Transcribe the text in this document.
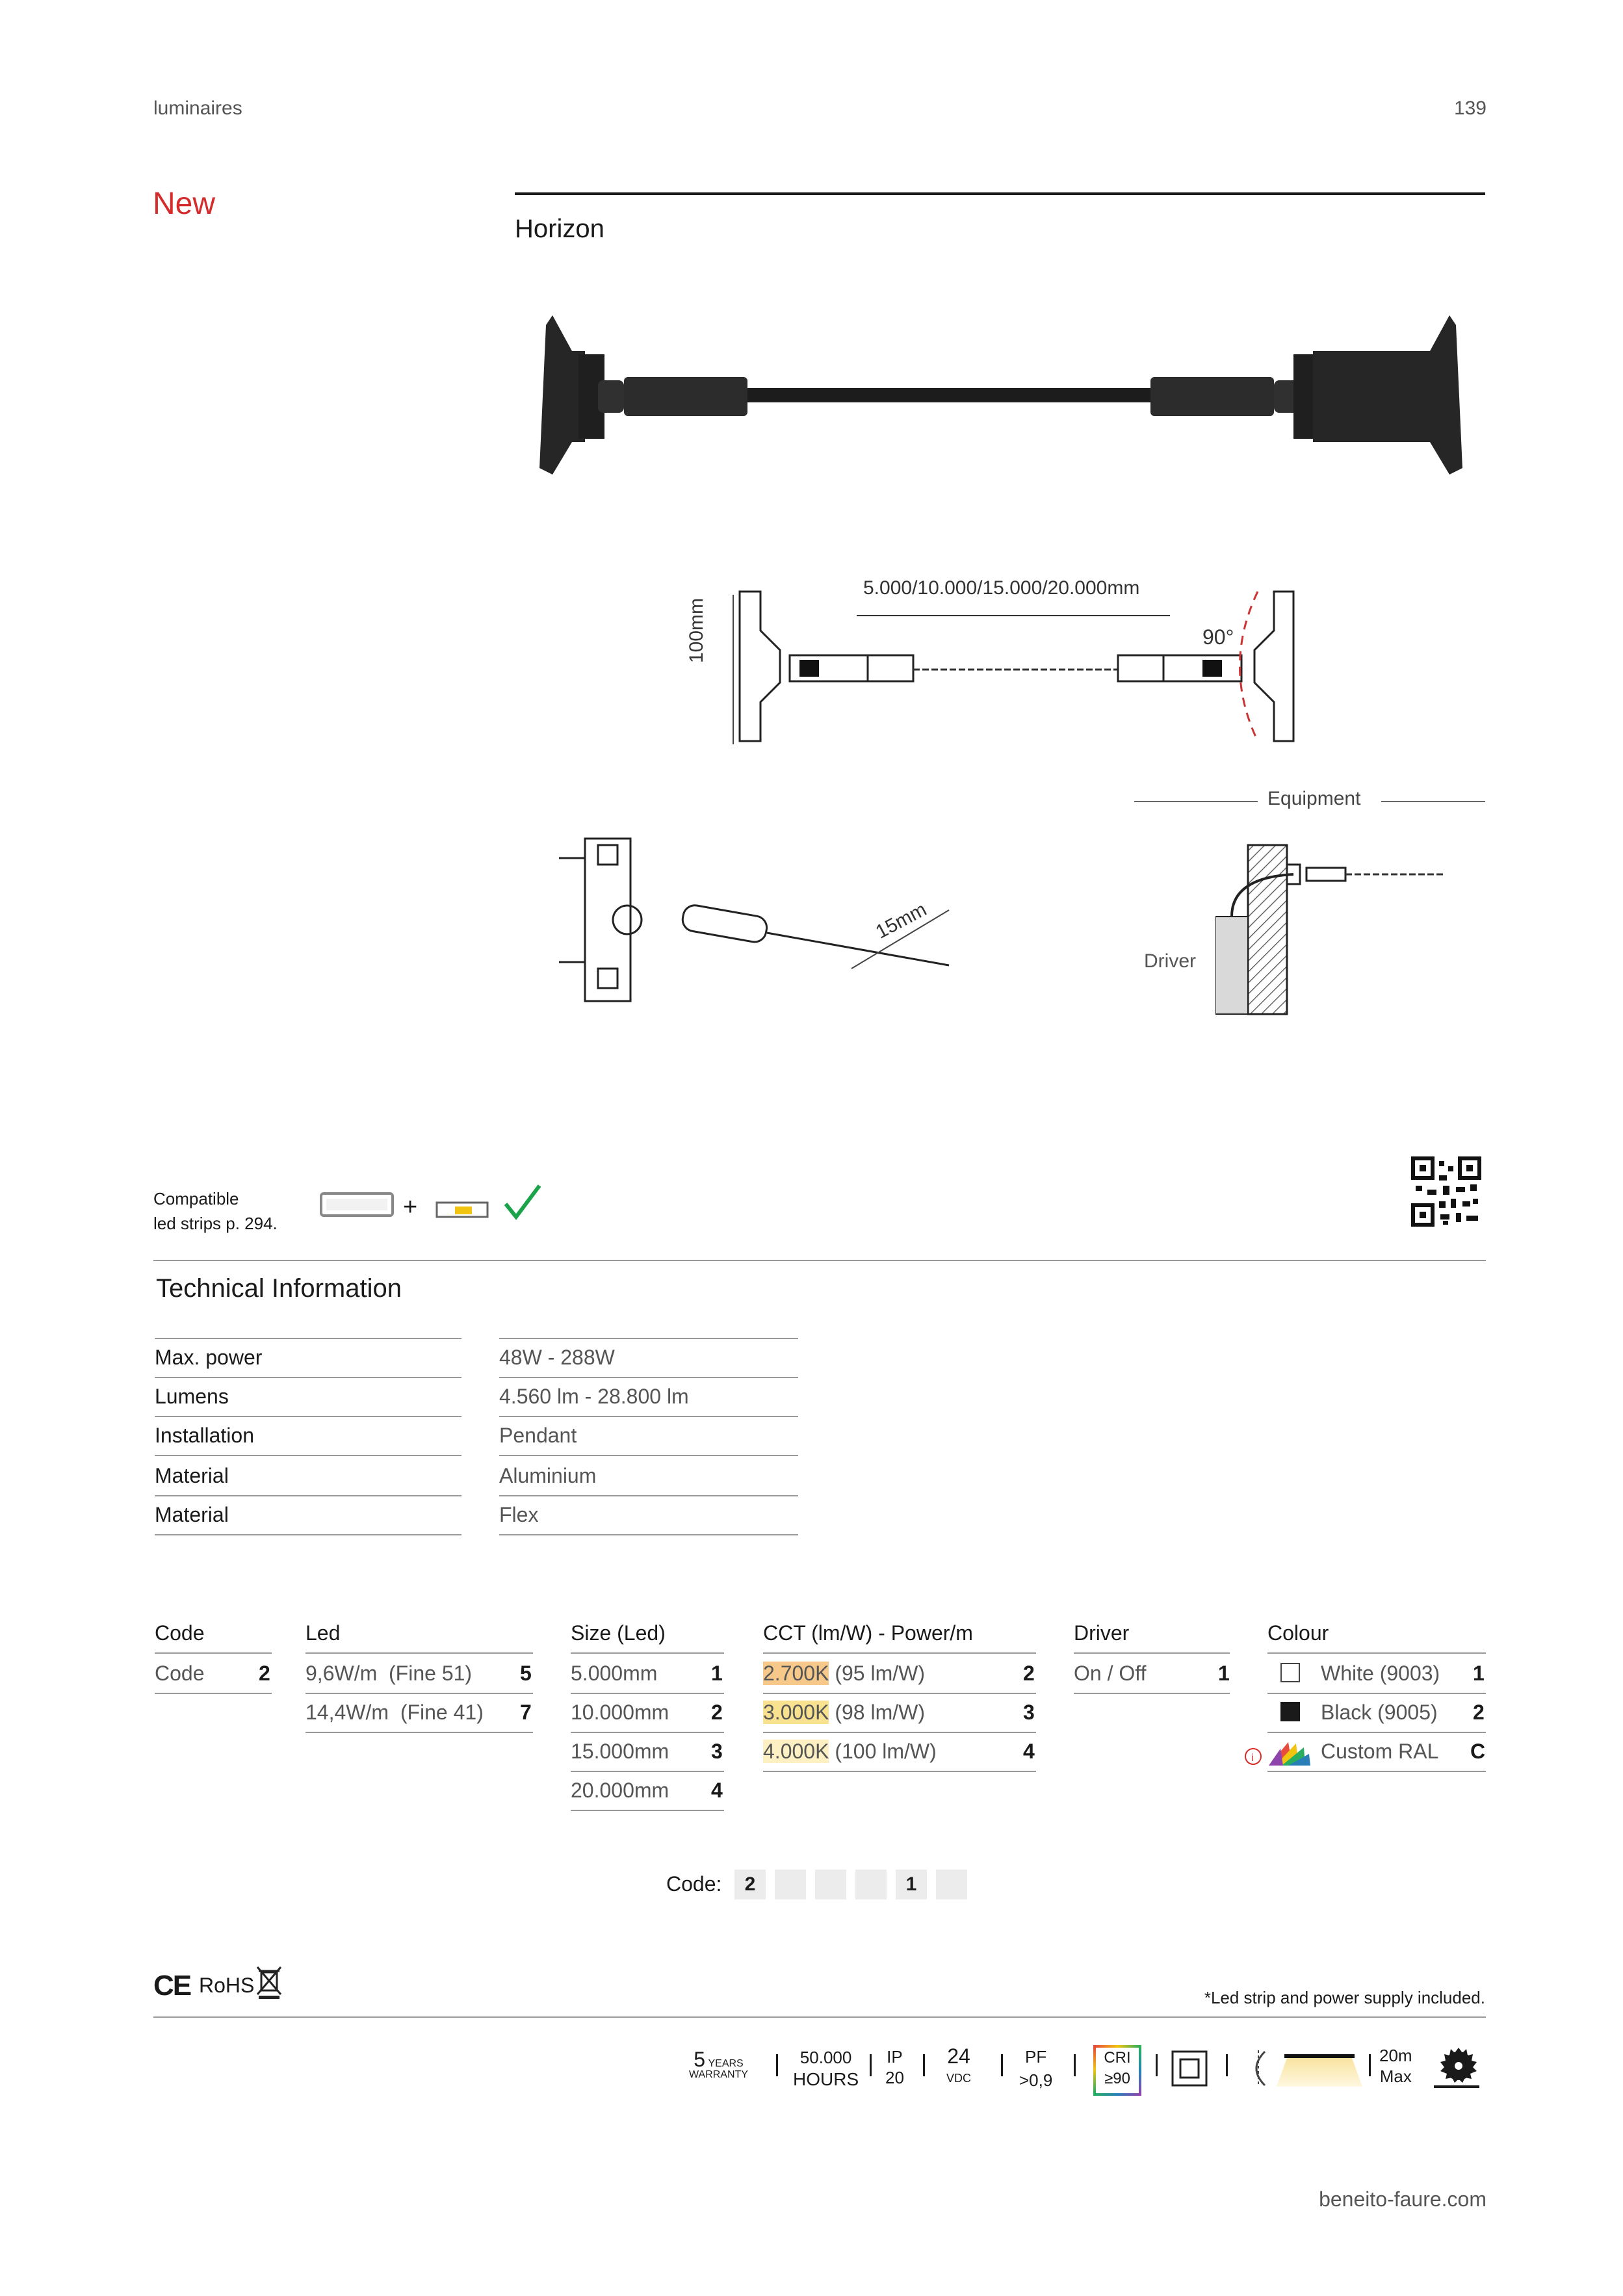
luminaires	139
New
Horizon
5.000/10.000/15.000/20.000mm
100mm	90°
Equipment
15mm
Driver
Compatible
led strips p. 294.
+
Technical Information
Max. power	48W - 288W
Lumens	4.560 lm - 28.800 lm
Installation	Pendant
Material	Aluminium
Material	Flex
Code
Code	2
Led
9,6W/m  (Fine 51) 5
14,4W/m  (Fine 41) 7
Size (Led)
5.000mm	1
10.000mm 2
15.000mm 3
20.000mm 4
CCT (lm/W) - Power/m
2.700K (95 lm/W)	2
3.000K (98 lm/W)	3
4.000K (100 lm/W)	4
Driver
On / Off	1
Colour
White (9003) 1
Black (9005) 2
i	Custom RAL C
Code:	2	1
CE RoHS
*Led strip and power supply included.
5 YEARS
WARRANTY
50.000
HOURS
IP
20
24
VDC
PF
>0,9
CRI
≥90
20m
Max
beneito-faure.com
